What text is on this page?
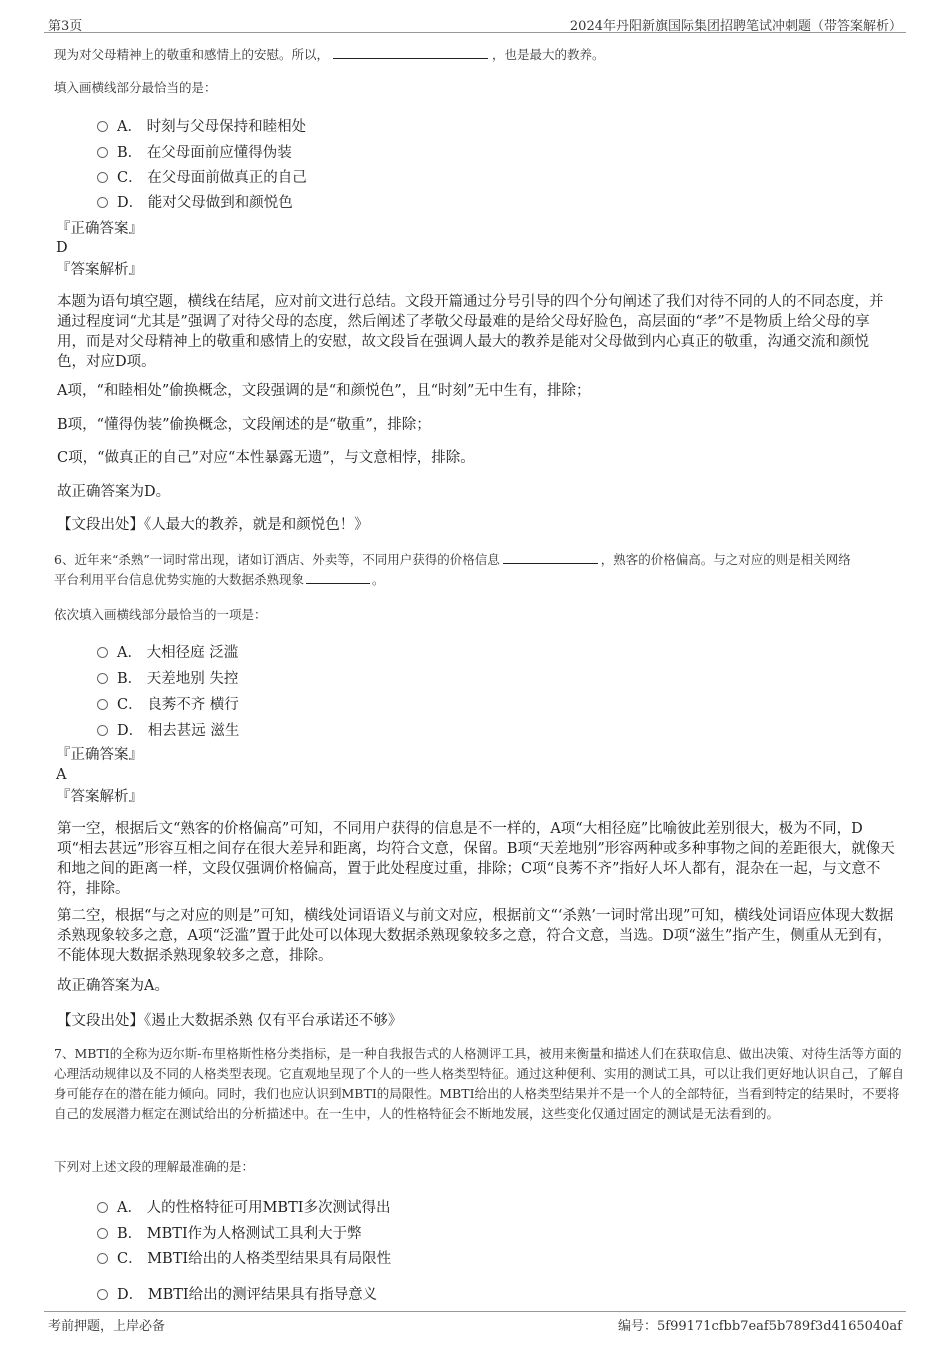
第3页	2024年丹阳新旗国际集团招聘笔试冲刺题（带答案解析）
现为对父母精神上的敬重和感情上的安慰。所以，	，也是最大的教养。
填入画横线部分最恰当的是：
A． 时刻与父母保持和睦相处
B． 在父母面前应懂得伪装
C． 在父母面前做真正的自己
D． 能对父母做到和颜悦色
『正确答案』
D
『答案解析』
本题为语句填空题，横线在结尾，应对前文进行总结。文段开篇通过分号引导的四个分句阐述了我们对待不同的人的不同态度，并通过程度词“尤其是”强调了对待父母的态度，然后阐述了孝敬父母最难的是给父母好脸色，高层面的“孝”不是物质上给父母的享用，而是对父母精神上的敬重和感情上的安慰，故文段旨在强调人最大的教养是能对父母做到内心真正的敬重，沟通交流和颜悦色，对应D项。
A项，“和睦相处”偷换概念，文段强调的是“和颜悦色”，且“时刻”无中生有，排除；
B项，“懂得伪装”偷换概念，文段阐述的是“敬重”，排除；
C项，“做真正的自己”对应“本性暴露无遗”，与文意相悖，排除。
故正确答案为D。
【文段出处】《人最大的教养，就是和颜悦色！》
6、近年来“杀熟”一词时常出现，诸如订酒店、外卖等，不同用户获得的价格信息	，熟客的价格偏高。与之对应的则是相关网络
平台利用平台信息优势实施的大数据杀熟现象	。
依次填入画横线部分最恰当的一项是：
A． 大相径庭 泛滥
B． 天差地别 失控
C． 良莠不齐 横行
D． 相去甚远 滋生
『正确答案』
A
『答案解析』
第一空，根据后文“熟客的价格偏高”可知，不同用户获得的信息是不一样的，A项“大相径庭”比喻彼此差别很大，极为不同，D项“相去甚远”形容互相之间存在很大差异和距离，均符合文意，保留。B项“天差地别”形容两种或多种事物之间的差距很大，就像天和地之间的距离一样，文段仅强调价格偏高，置于此处程度过重，排除；C项“良莠不齐”指好人坏人都有，混杂在一起，与文意不符，排除。
第二空，根据“与之对应的则是”可知，横线处词语语义与前文对应，根据前文“‘杀熟’一词时常出现”可知，横线处词语应体现大数据杀熟现象较多之意，A项“泛滥”置于此处可以体现大数据杀熟现象较多之意，符合文意，当选。D项“滋生”指产生，侧重从无到有，不能体现大数据杀熟现象较多之意，排除。
故正确答案为A。
【文段出处】《遏止大数据杀熟 仅有平台承诺还不够》
7、MBTI的全称为迈尔斯-布里格斯性格分类指标，是一种自我报告式的人格测评工具，被用来衡量和描述人们在获取信息、做出决策、对待生活等方面的心理活动规律以及不同的人格类型表现。它直观地呈现了个人的一些人格类型特征。通过这种便利、实用的测试工具，可以让我们更好地认识自己，了解自身可能存在的潜在能力倾向。同时，我们也应认识到MBTI的局限性。MBTI给出的人格类型结果并不是一个人的全部特征，当看到特定的结果时，不要将自己的发展潜力框定在测试给出的分析描述中。在一生中，人的性格特征会不断地发展，这些变化仅通过固定的测试是无法看到的。
下列对上述文段的理解最准确的是：
A． 人的性格特征可用MBTI多次测试得出
B． MBTI作为人格测试工具利大于弊
C． MBTI给出的人格类型结果具有局限性
D． MBTI给出的测评结果具有指导意义
考前押题，上岸必备	编号：5f99171cfbb7eaf5b789f3d4165040af
